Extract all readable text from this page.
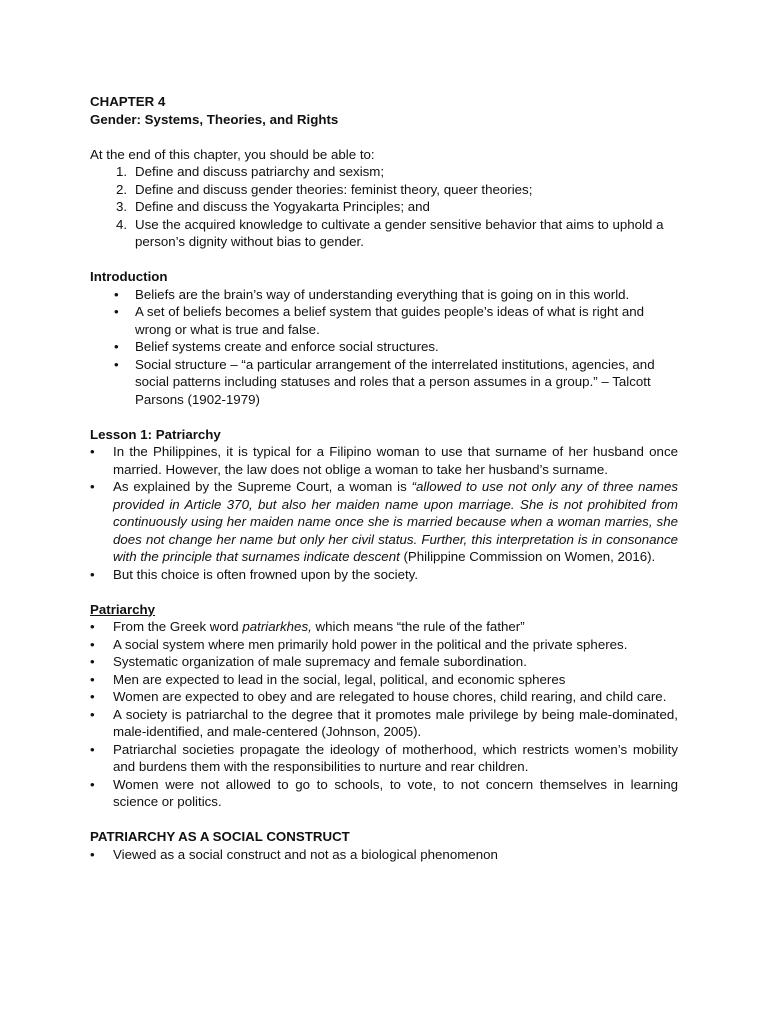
CHAPTER 4
Gender: Systems, Theories, and Rights
At the end of this chapter, you should be able to:
1. Define and discuss patriarchy and sexism;
2. Define and discuss gender theories: feminist theory, queer theories;
3. Define and discuss the Yogyakarta Principles; and
4. Use the acquired knowledge to cultivate a gender sensitive behavior that aims to uphold a person’s dignity without bias to gender.
Introduction
• Beliefs are the brain’s way of understanding everything that is going on in this world.
• A set of beliefs becomes a belief system that guides people’s ideas of what is right and wrong or what is true and false.
• Belief systems create and enforce social structures.
• Social structure – “a particular arrangement of the interrelated institutions, agencies, and social patterns including statuses and roles that a person assumes in a group.” – Talcott Parsons (1902-1979)
Lesson 1: Patriarchy
• In the Philippines, it is typical for a Filipino woman to use that surname of her husband once married. However, the law does not oblige a woman to take her husband’s surname.
• As explained by the Supreme Court, a woman is “allowed to use not only any of three names provided in Article 370, but also her maiden name upon marriage. She is not prohibited from continuously using her maiden name once she is married because when a woman marries, she does not change her name but only her civil status. Further, this interpretation is in consonance with the principle that surnames indicate descent (Philippine Commission on Women, 2016).
• But this choice is often frowned upon by the society.
Patriarchy
• From the Greek word patriarkhes, which means “the rule of the father”
• A social system where men primarily hold power in the political and the private spheres.
• Systematic organization of male supremacy and female subordination.
• Men are expected to lead in the social, legal, political, and economic spheres
• Women are expected to obey and are relegated to house chores, child rearing, and child care.
• A society is patriarchal to the degree that it promotes male privilege by being male-dominated, male-identified, and male-centered (Johnson, 2005).
• Patriarchal societies propagate the ideology of motherhood, which restricts women’s mobility and burdens them with the responsibilities to nurture and rear children.
• Women were not allowed to go to schools, to vote, to not concern themselves in learning science or politics.
PATRIARCHY AS A SOCIAL CONSTRUCT
• Viewed as a social construct and not as a biological phenomenon
